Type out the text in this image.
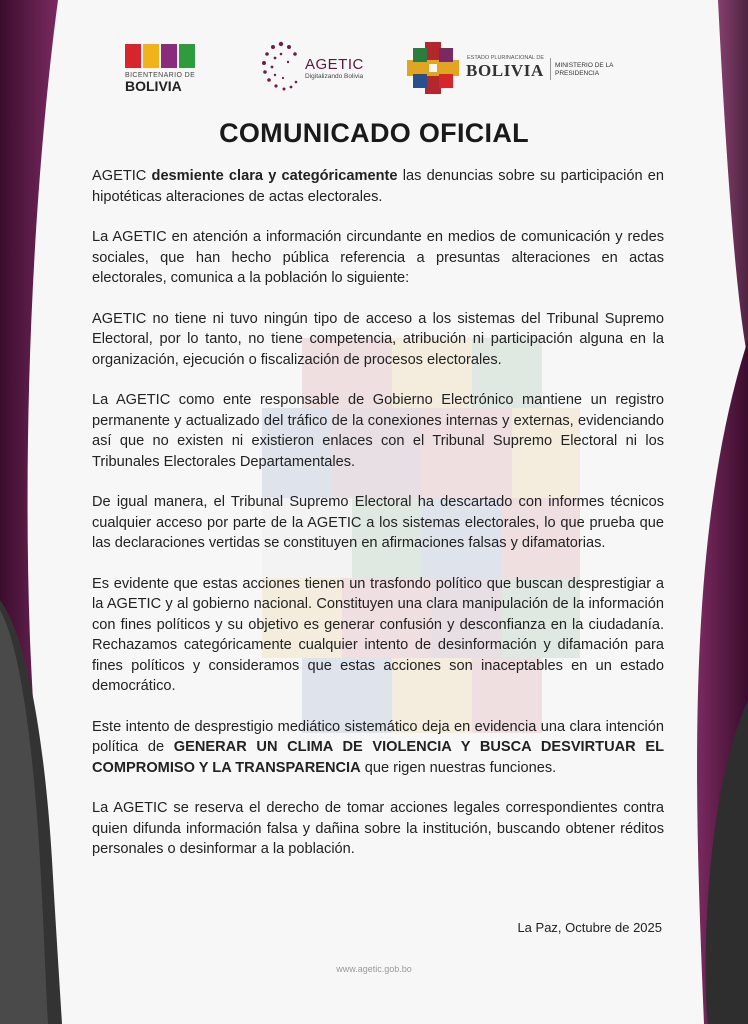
BICENTENARIO DE
BOLIVIA
AGETIC
Digitalizando Bolivia
ESTADO PLURINACIONAL DE
BOLIVIA MINISTERIO DE LA PRESIDENCIA
COMUNICADO OFICIAL

AGETIC desmiente clara y categóricamente las denuncias sobre su participación en hipotéticas alteraciones de actas electorales.

La AGETIC en atención a información circundante en medios de comunicación y redes sociales, que han hecho pública referencia a presuntas alteraciones en actas electorales, comunica a la población lo siguiente:

AGETIC no tiene ni tuvo ningún tipo de acceso a los sistemas del Tribunal Supremo Electoral, por lo tanto, no tiene competencia, atribución ni participación alguna en la organización, ejecución o fiscalización de procesos electorales.

La AGETIC como ente responsable de Gobierno Electrónico mantiene un registro permanente y actualizado del tráfico de la conexiones internas y externas, evidenciando así que no existen ni existieron enlaces con el Tribunal Supremo Electoral ni los Tribunales Electorales Departamentales.

De igual manera, el Tribunal Supremo Electoral ha descartado con informes técnicos cualquier acceso por parte de la AGETIC a los sistemas electorales, lo que prueba que las declaraciones vertidas se constituyen en afirmaciones falsas y difamatorias.

Es evidente que estas acciones tienen un trasfondo político que buscan desprestigiar a la AGETIC y al gobierno nacional. Constituyen una clara manipulación de la información con fines políticos y su objetivo es generar confusión y desconfianza en la ciudadanía. Rechazamos categóricamente cualquier intento de desinformación y difamación para fines políticos y consideramos que estas acciones son inaceptables en un estado democrático.

Este intento de desprestigio mediático sistemático deja en evidencia una clara intención política de GENERAR UN CLIMA DE VIOLENCIA Y BUSCA DESVIRTUAR EL COMPROMISO Y LA TRANSPARENCIA que rigen nuestras funciones.

La AGETIC se reserva el derecho de tomar acciones legales correspondientes contra quien difunda información falsa y dañina sobre la institución, buscando obtener réditos personales o desinformar a la población.

La Paz, Octubre de 2025
www.agetic.gob.bo
